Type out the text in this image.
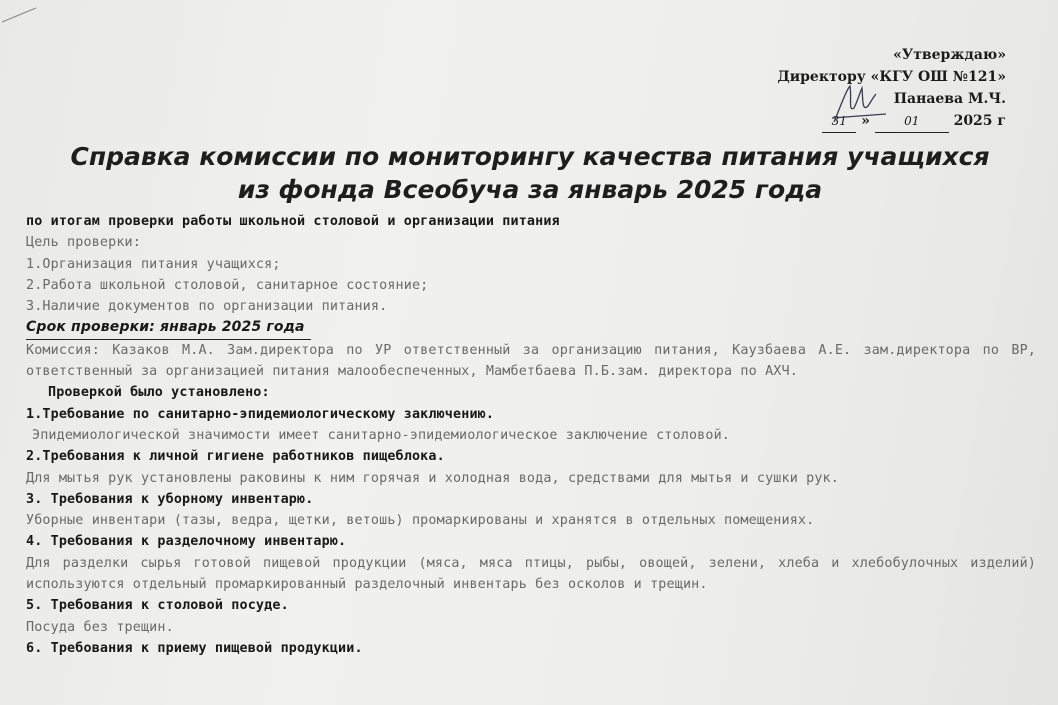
«Утверждаю»
Директору «КГУ ОШ №121»
Панаева М.Ч.
31 »	01 2025 г
Справка комиссии по мониторингу качества питания учащихся
из фонда Всеобуча за январь 2025 года

по итогам проверки работы школьной столовой и организации питания

Цель проверки:

1.Организация питания учащихся;

2.Работа школьной столовой, санитарное состояние;

3.Наличие документов по организации питания.

Срок проверки: январь 2025 года

Комиссия: Казаков М.А. Зам.директора по УР ответственный за организацию питания, Каузбаева А.Е. зам.директора по ВР, ответственный за организацией питания малообеспеченных, Мамбетбаева П.Б.зам. директора по АХЧ.

Проверкой было установлено:

1.Требование по санитарно-эпидемиологическому заключению.

Эпидемиологической значимости имеет санитарно-эпидемиологическое заключение столовой.

2.Требования к личной гигиене работников пищеблока.

Для мытья рук установлены раковины к ним горячая и холодная вода, средствами для мытья и сушки рук.

3. Требования к уборному инвентарю.

Уборные инвентари (тазы, ведра, щетки, ветошь) промаркированы и хранятся в отдельных помещениях.

4. Требования к разделочному инвентарю.

Для разделки сырья готовой пищевой продукции (мяса, мяса птицы, рыбы, овощей, зелени, хлеба и хлебобулочных изделий) используются отдельный промаркированный разделочный инвентарь без осколов и трещин.

5. Требования к столовой посуде.

Посуда без трещин.

6. Требования к приему пищевой продукции.
